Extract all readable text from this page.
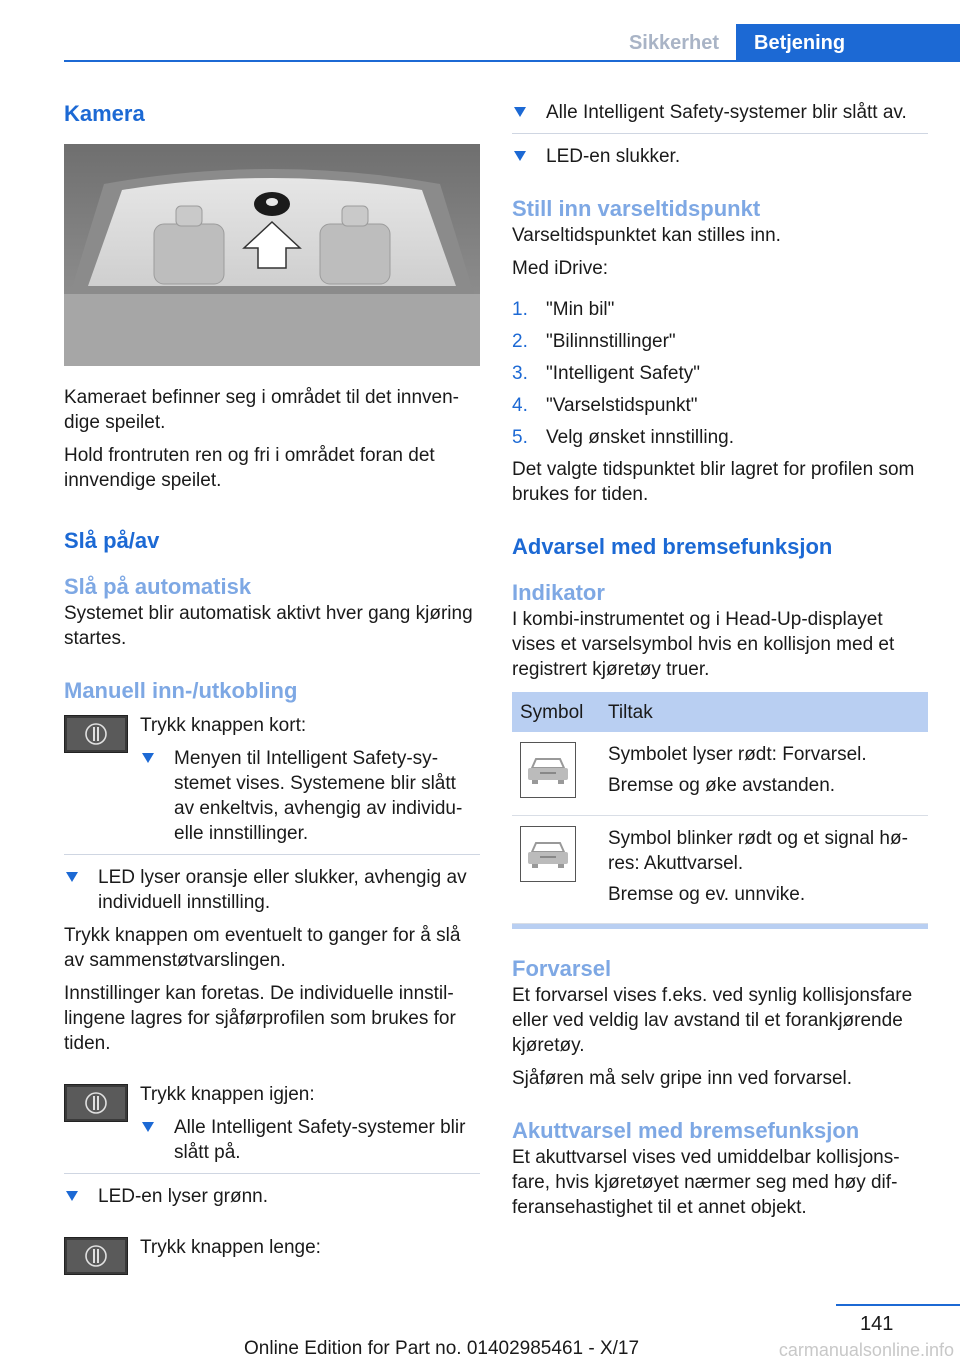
Sikkerhet	Betjening
Kamera

Kameraet befinner seg i området til det innvendige speilet.

Hold frontruten ren og fri i området foran det innvendige speilet.

Slå på/av
Slå på automatisk

Systemet blir automatisk aktivt hver gang kjøring startes.

Manuell inn-/utkobling

Trykk knappen kort:

Menyen til Intelligent Safety-systemet vises. Systemene blir slått av enkeltvis, avhengig av individuelle innstillinger.
LED lyser oransje eller slukker, avhengig av individuell innstilling.

Trykk knappen om eventuelt to ganger for å slå av sammenstøtvarslingen.

Innstillinger kan foretas. De individuelle innstillingene lagres for sjåførprofilen som brukes for tiden.

Trykk knappen igjen:

Alle Intelligent Safety-systemer blir slått på.
LED-en lyser grønn.

Trykk knappen lenge:

Alle Intelligent Safety-systemer blir slått av.
LED-en slukker.
Still inn varseltidspunkt

Varseltidspunktet kan stilles inn.

Med iDrive:

1. "Min bil"
2. "Bilinnstillinger"
3. "Intelligent Safety"
4. "Varselstidspunkt"
5. Velg ønsket innstilling.

Det valgte tidspunktet blir lagret for profilen som brukes for tiden.

Advarsel med bremsefunksjon
Indikator

I kombi-instrumentet og i Head-Up-displayet vises et varselsymbol hvis en kollisjon med et registrert kjøretøy truer.

Symbol	Tiltak

Symbolet lyser rødt: Forvarsel.

Bremse og øke avstanden.

Symbol blinker rødt og et signal høres: Akuttvarsel.

Bremse og ev. unnvike.

Forvarsel

Et forvarsel vises f.eks. ved synlig kollisjonsfare eller ved veldig lav avstand til et forankjørende kjøretøy.

Sjåføren må selv gripe inn ved forvarsel.

Akuttvarsel med bremsefunksjon

Et akuttvarsel vises ved umiddelbar kollisjonsfare, hvis kjøretøyet nærmer seg med høy differansehastighet til et annet objekt.

141
Online Edition for Part no. 01402985461 - X/17	carmanualsonline.info
